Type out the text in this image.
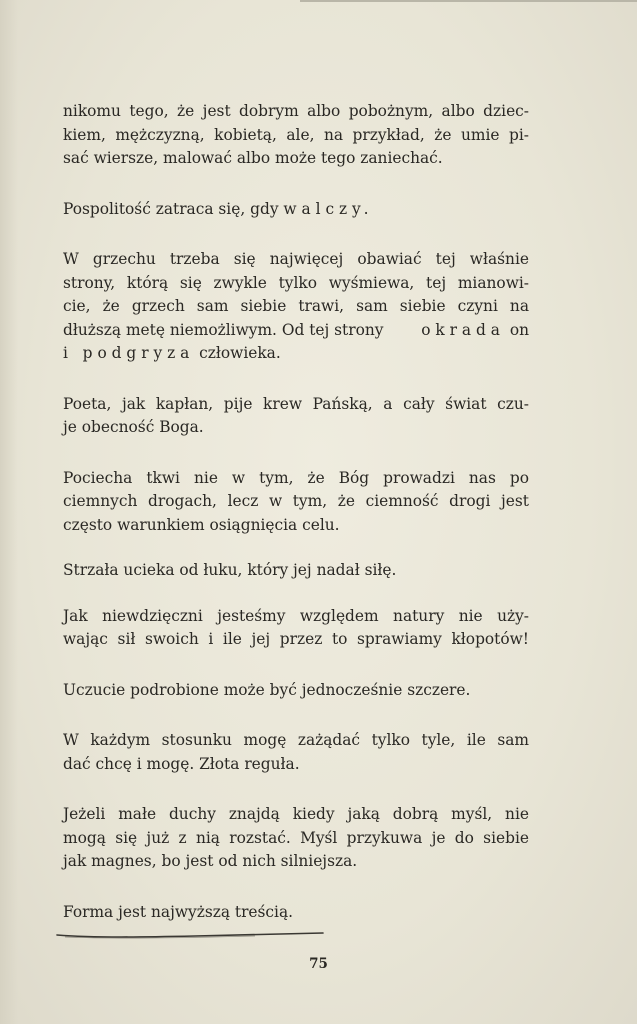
nikomu tego, że jest dobrym albo pobożnym, albo dziec-
kiem, mężczyzną, kobietą, ale, na przykład, że umie pi-
sać wiersze, malować albo może tego zaniechać.
Pospolitość zatraca się, gdy walczy.
W grzechu trzeba się najwięcej obawiać tej właśnie
strony, którą się zwykle tylko wyśmiewa, tej mianowi-
cie, że grzech sam siebie trawi, sam siebie czyni na
dłuższą metę niemożliwym. Od tej strony okrada on
i podgryza człowieka.
Poeta, jak kapłan, pije krew Pańską, a cały świat czu-
je obecność Boga.
Pociecha tkwi nie w tym, że Bóg prowadzi nas po
ciemnych drogach, lecz w tym, że ciemność drogi jest
często warunkiem osiągnięcia celu.
Strzała ucieka od łuku, który jej nadał siłę.
Jak niewdzięczni jesteśmy względem natury nie uży-
wając sił swoich i ile jej przez to sprawiamy kłopotów!
Uczucie podrobione może być jednocześnie szczere.
W każdym stosunku mogę zażądać tylko tyle, ile sam
dać chcę i mogę. Złota reguła.
Jeżeli małe duchy znajdą kiedy jaką dobrą myśl, nie
mogą się już z nią rozstać. Myśl przykuwa je do siebie
jak magnes, bo jest od nich silniejsza.
Forma jest najwyższą treścią.
75
